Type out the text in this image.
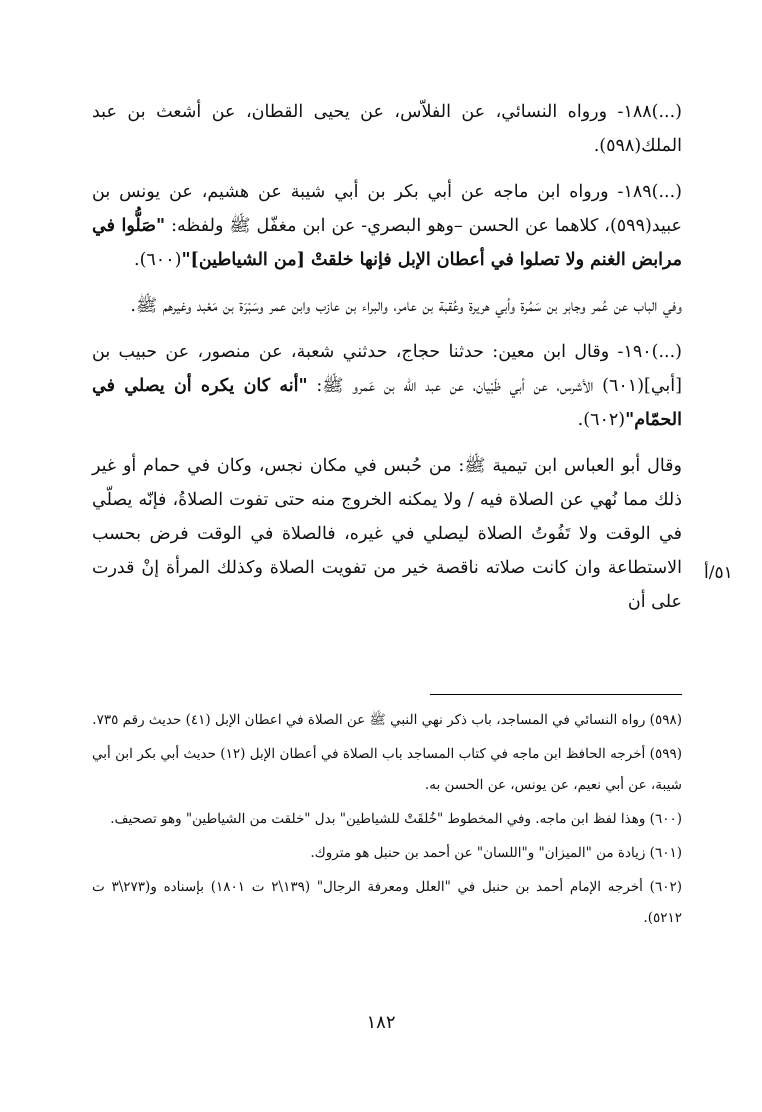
(...)١٨٨- ورواه النسائي، عن الفلاّس، عن يحيى القطان، عن أشعث بن عبد الملك(٥٩٨).

(...)١٨٩- ورواه ابن ماجه عن أبي بكر بن أبي شيبة عن هشيم، عن يونس بن عبيد(٥٩٩)، كلاهما عن الحسن –وهو البصري- عن ابن مغفّل ﷺ ولفظه: "صَلُّوا في مرابض الغنم ولا تصلوا في أعطان الإبل فإنها خلقتْ [من الشياطين]"(٦٠٠).

وفي الباب عن عُمر وجابر بن سَمُرة وأبي هريرة وعُقبة بن عامر، والبراء بن عازب وابن عمر وسَبْرَة بن مَعْبد وغيرهم ﷺ.

(...)١٩٠- وقال ابن معين: حدثنا حجاج، حدثني شعبة، عن منصور، عن حبيب بن [أبي](٦٠١) الأشرس، عن أبي ظَبْيان، عن عبد الله بن عَمرو ﷺ: "أنه كان يكره أن يصلي في الحمّام"(٦٠٢).

وقال أبو العباس ابن تيمية ﷺ: من حُبس في مكان نجس، وكان في حمام أو غير ذلك مما نُهي عن الصلاة فيه / ولا يمكنه الخروج منه حتى تفوت الصلاةُ، فإنّه يصلّي في الوقت ولا تَفُوتُ الصلاة ليصلي في غيره، فالصلاة في الوقت فرض بحسب الاستطاعة وان كانت صلاته ناقصة خير من تفويت الصلاة وكذلك المرأة إنْ قدرت على أن

٥١/أ

(٥٩٨) رواه النسائي في المساجد، باب ذكر نهي النبي ﷺ عن الصلاة في اعطان الإبل (٤١) حديث رقم ٧٣٥.

(٥٩٩) أخرجه الحافظ ابن ماجه في كتاب المساجد باب الصلاة في أعطان الإبل (١٢) حديث أبي بكر ابن أبي شيبة، عن أبي نعيم، عن يونس، عن الحسن به.

(٦٠٠) وهذا لفظ ابن ماجه. وفي المخطوط "خُلقَتْ للشياطين" بدل "خلقت من الشياطين" وهو تصحيف.

(٦٠١) زيادة من "الميزان" و"اللسان" عن أحمد بن حنبل هو متروك.

(٦٠٢) أخرجه الإمام أحمد بن حنبل في "العلل ومعرفة الرجال" (١٣٩\٢ ت ١٨٠١) بإسناده و(٢٧٣\٣ ت ٥٢١٢).

١٨٢
